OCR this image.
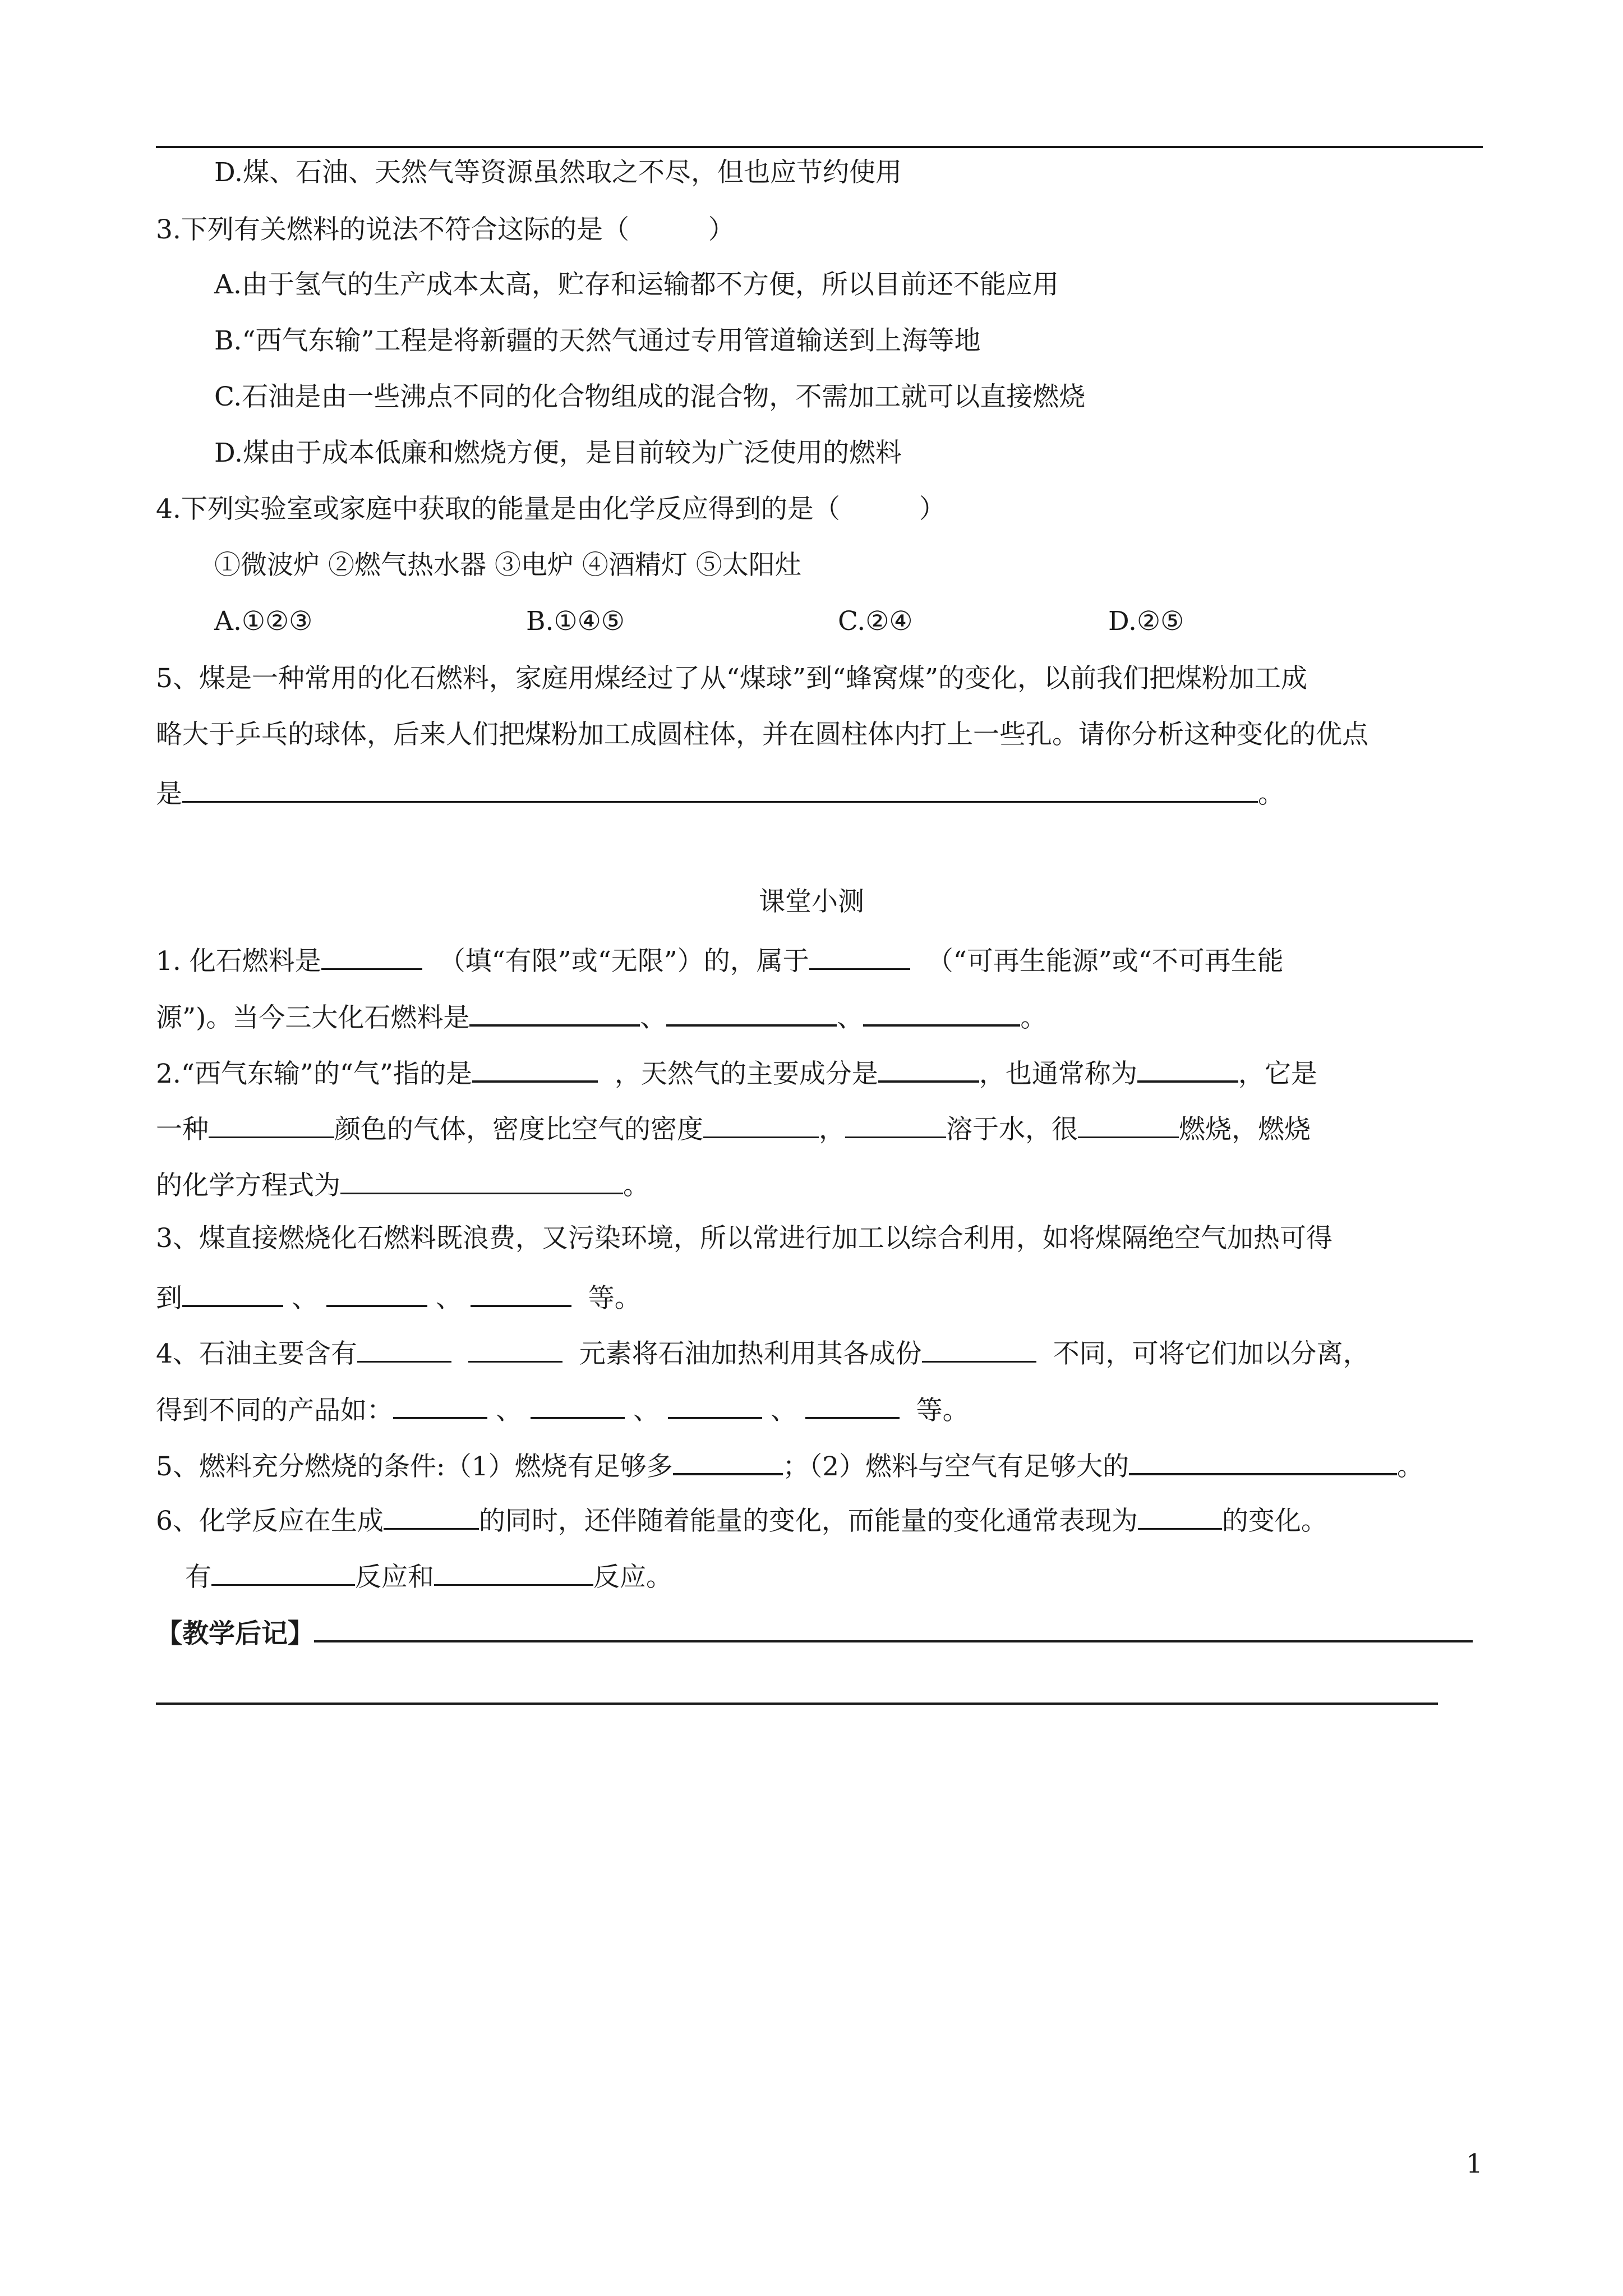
D.煤、石油、天然气等资源虽然取之不尽，但也应节约使用
3.下列有关燃料的说法不符合这际的是（　　　）
A.由于氢气的生产成本太高，贮存和运输都不方便，所以目前还不能应用
B.“西气东输”工程是将新疆的天然气通过专用管道输送到上海等地
C.石油是由一些沸点不同的化合物组成的混合物，不需加工就可以直接燃烧
D.煤由于成本低廉和燃烧方便，是目前较为广泛使用的燃料
4.下列实验室或家庭中获取的能量是由化学反应得到的是（　　　）
①微波炉 ②燃气热水器 ③电炉 ④酒精灯 ⑤太阳灶
A.①②③	B.①④⑤	C.②④	D.②⑤
5、煤是一种常用的化石燃料，家庭用煤经过了从“煤球”到“蜂窝煤”的变化，以前我们把煤粉加工成
略大于乒乓的球体，后来人们把煤粉加工成圆柱体，并在圆柱体内打上一些孔。请你分析这种变化的优点
是	。
课堂小测
1. 化石燃料是	（填“有限”或“无限”）的，属于	（“可再生能源”或“不可再生能
源”)。当今三大化石燃料是	、	、	。
2.“西气东输”的“气”指的是	，天然气的主要成分是	，也通常称为	，它是
一种	颜色的气体，密度比空气的密度	，	溶于水，很	燃烧，燃烧
的化学方程式为	。
3、煤直接燃烧化石燃料既浪费，又污染环境，所以常进行加工以综合利用，如将煤隔绝空气加热可得
到	、	、	等。
4、石油主要含有	元素将石油加热利用其各成份	不同，可将它们加以分离，
得到不同的产品如：	、	、	、	等。
5、燃料充分燃烧的条件:（1）燃烧有足够多	；（2）燃料与空气有足够大的	。
6、化学反应在生成	的同时，还伴随着能量的变化，而能量的变化通常表现为	的变化。
有	反应和	反应。
【教学后记】
1
